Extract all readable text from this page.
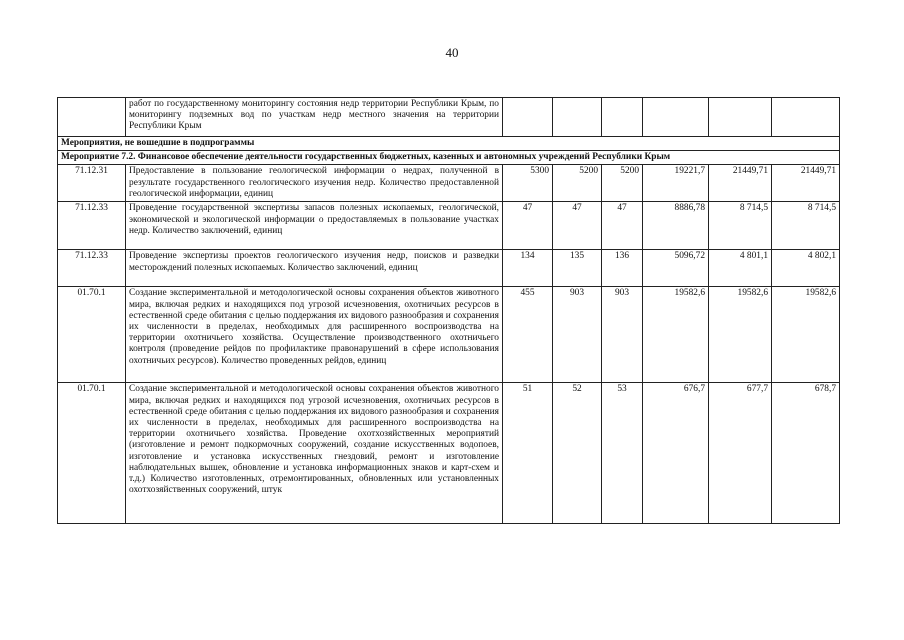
40
	работ по государственному мониторингу состояния недр территории Республики Крым, по мониторингу подземных вод по участкам недр местного значения на территории Республики Крым						
Мероприятия, не вошедшие в подпрограммы							
Мероприятие 7.2. Финансовое обеспечение деятельности государственных бюджетных, казенных и автономных учреждений Республики Крым							
71.12.31	Предоставление в пользование геологической информации о недрах, полученной в результате государственного геологического изучения недр. Количество предоставленной геологической информации, единиц	5300	5200	5200	19221,7	21449,71	21449,71
71.12.33	Проведение государственной экспертизы запасов полезных ископаемых, геологической, экономической и экологической информации о предоставляемых в пользование участках недр. Количество заключений, единиц	47	47	47	8886,78	8 714,5	8 714,5
71.12.33	Проведение экспертизы проектов геологического изучения недр, поисков и разведки месторождений полезных ископаемых. Количество заключений, единиц	134	135	136	5096,72	4 801,1	4 802,1
01.70.1	Создание экспериментальной и методологической основы сохранения объектов животного мира, включая редких и находящихся под угрозой исчезновения, охотничьих ресурсов в естественной среде обитания с целью поддержания их видового разнообразия и сохранения их численности в пределах, необходимых для расширенного воспроизводства на территории охотничьего хозяйства. Осуществление производственного охотничьего контроля (проведение рейдов по профилактике правонарушений в сфере использования охотничьих ресурсов). Количество проведенных рейдов, единиц	455	903	903	19582,6	19582,6	19582,6
01.70.1	Создание экспериментальной и методологической основы сохранения объектов животного мира, включая редких и находящихся под угрозой исчезновения, охотничьих ресурсов в естественной среде обитания с целью поддержания их видового разнообразия и сохранения их численности в пределах, необходимых для расширенного воспроизводства на территории охотничьего хозяйства. Проведение охотхозяйственных мероприятий (изготовление и ремонт подкормочных сооружений, создание искусственных водопоев, изготовление и установка искусственных гнездовий, ремонт и изготовление наблюдательных вышек, обновление и установка информационных знаков и карт-схем и т.д.) Количество изготовленных, отремонтированных, обновленных или установленных охотхозяйственных сооружений, штук	51	52	53	676,7	677,7	678,7
